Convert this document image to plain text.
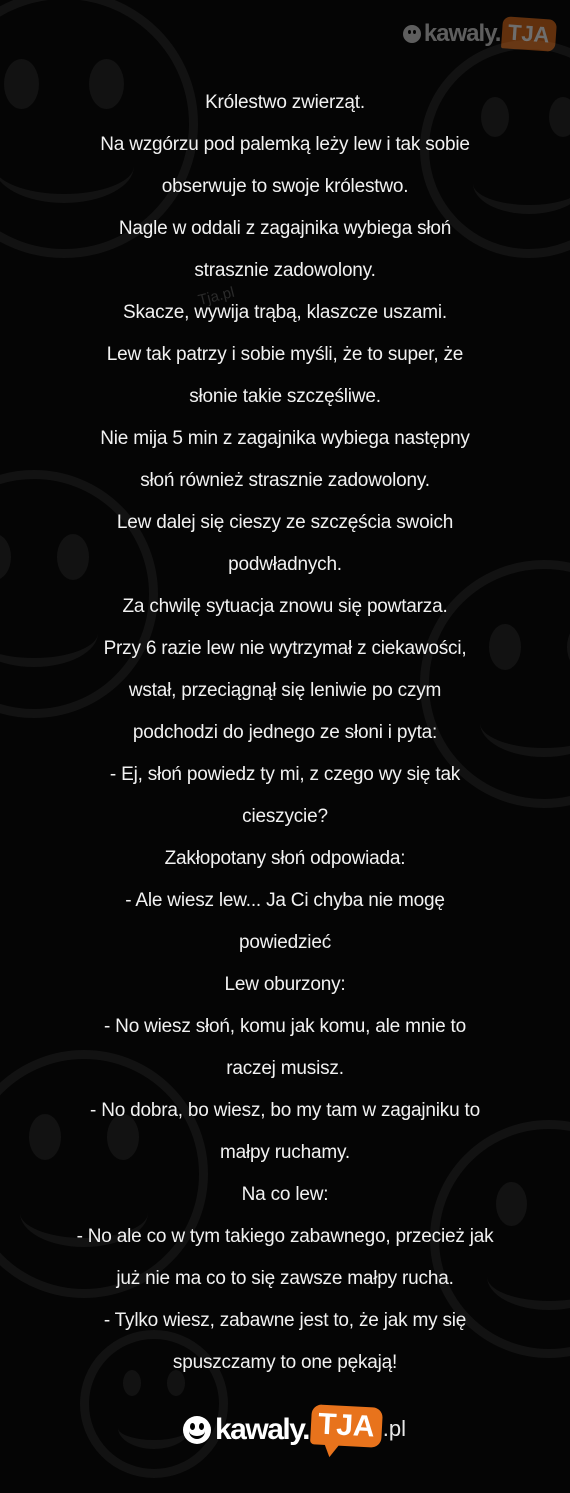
Tja.pl
kawaly. TJA
Królestwo zwierząt.
Na wzgórzu pod palemką leży lew i tak sobie
obserwuje to swoje królestwo.
Nagle w oddali z zagajnika wybiega słoń
strasznie zadowolony.
Skacze, wywija trąbą, klaszcze uszami.
Lew tak patrzy i sobie myśli, że to super, że
słonie takie szczęśliwe.
Nie mija 5 min z zagajnika wybiega następny
słoń również strasznie zadowolony.
Lew dalej się cieszy ze szczęścia swoich
podwładnych.
Za chwilę sytuacja znowu się powtarza.
Przy 6 razie lew nie wytrzymał z ciekawości,
wstał, przeciągnął się leniwie po czym
podchodzi do jednego ze słoni i pyta:
- Ej, słoń powiedz ty mi, z czego wy się tak
cieszycie?
Zakłopotany słoń odpowiada:
- Ale wiesz lew... Ja Ci chyba nie mogę
powiedzieć
Lew oburzony:
- No wiesz słoń, komu jak komu, ale mnie to
raczej musisz.
- No dobra, bo wiesz, bo my tam w zagajniku to
małpy ruchamy.
Na co lew:
- No ale co w tym takiego zabawnego, przecież jak
już nie ma co to się zawsze małpy rucha.
- Tylko wiesz, zabawne jest to, że jak my się
spuszczamy to one pękają!
kawaly. TJA .pl
